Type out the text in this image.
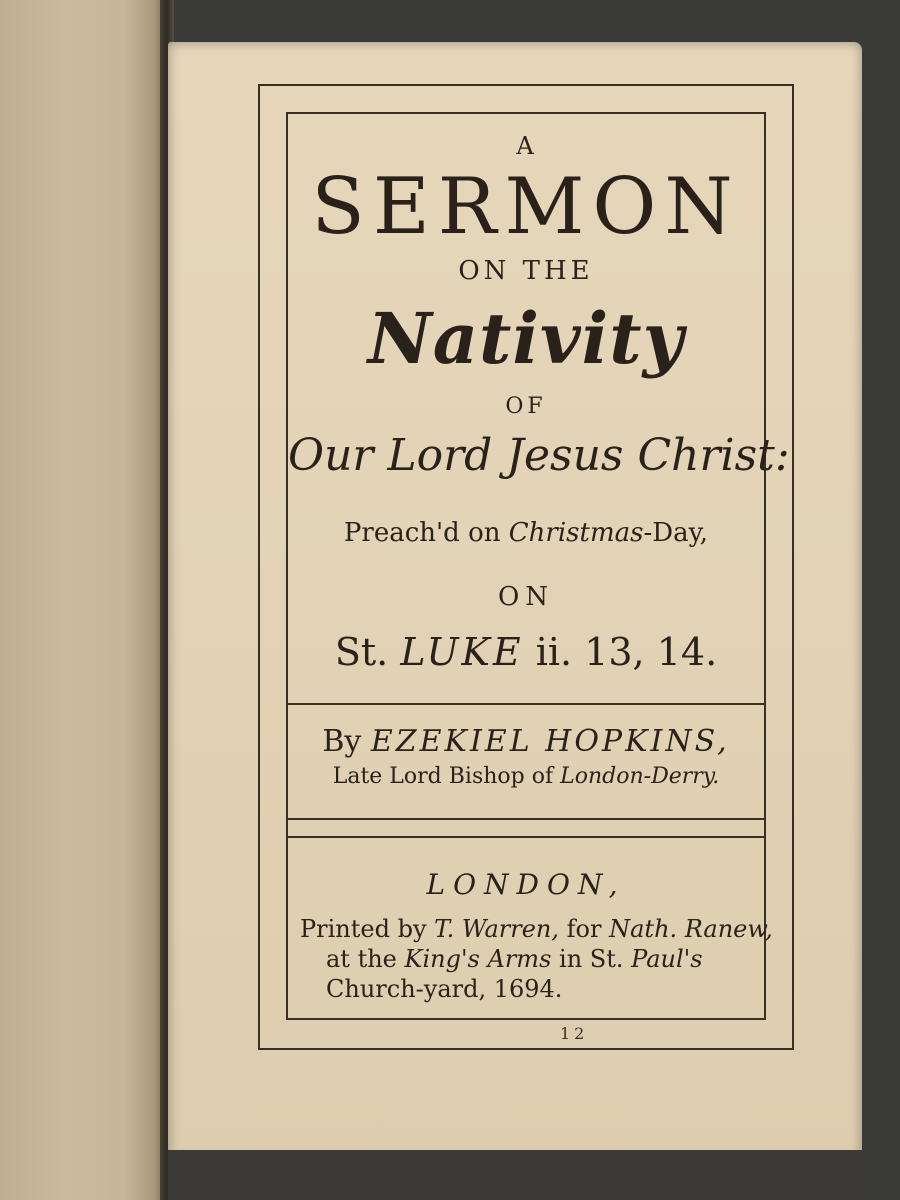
A
SERMON
ON THE
Nativity
OF
Our Lord Jesus Christ:
Preach'd on Christmas-Day,
ON
St. LUKE ii. 13, 14.
By EZEKIEL HOPKINS,
Late Lord Bishop of London-Derry.
LONDON,
Printed by T. Warren, for Nath. Ranew,
at the King's Arms in St. Paul's
Church-yard, 1694.
12
